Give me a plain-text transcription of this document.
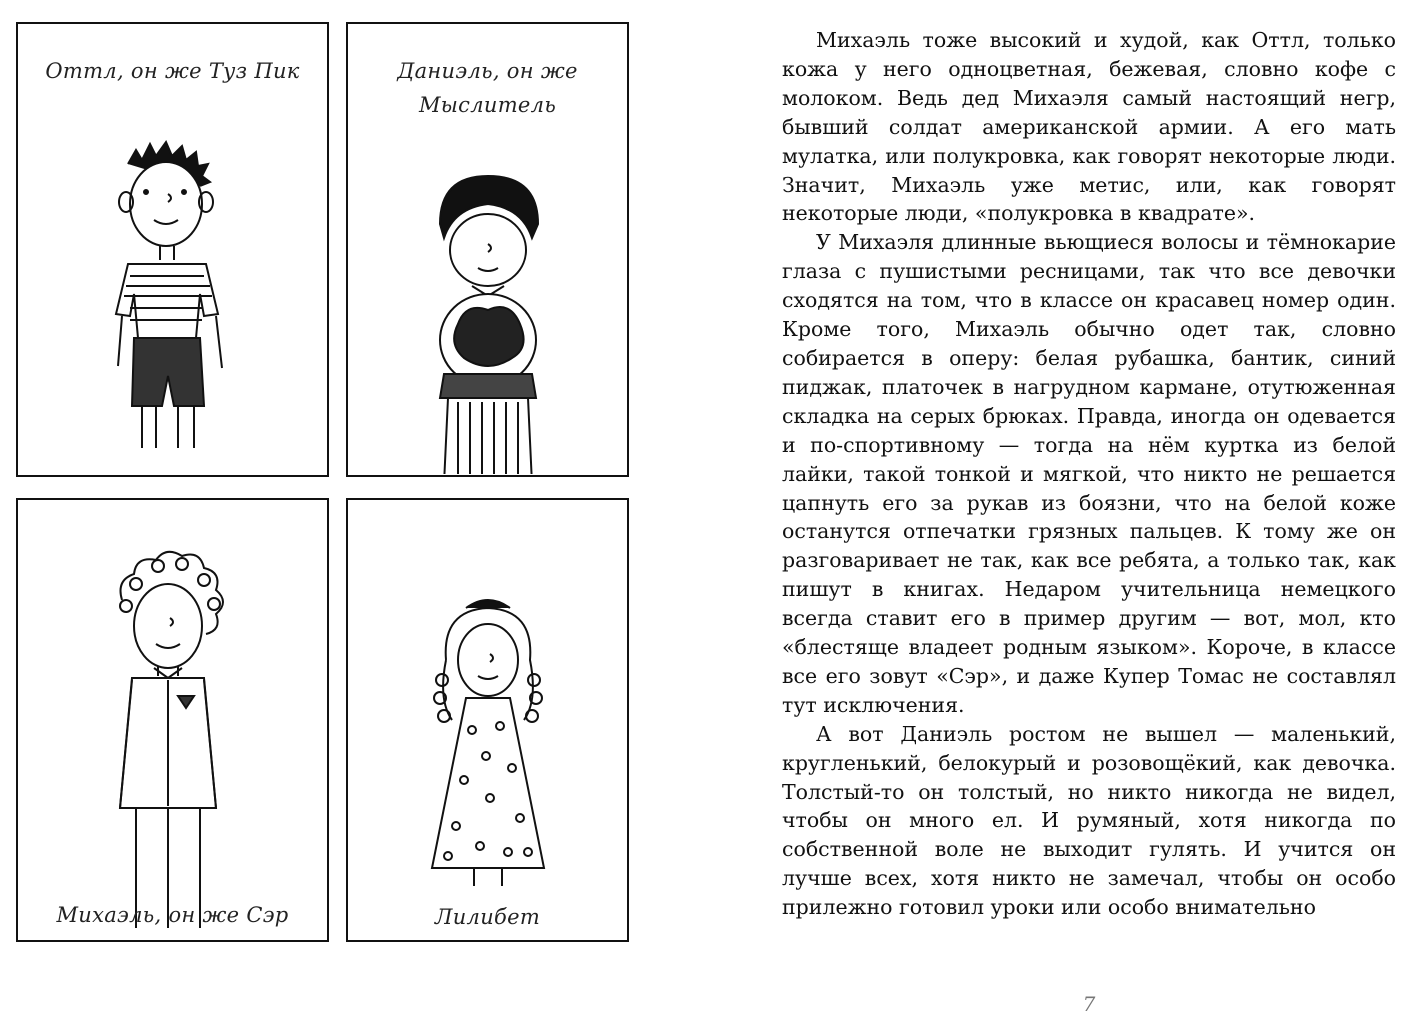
Оттл, он же Туз Пик	Даниэль, он же
Мыслитель
Михаэль, он же Сэр	Лилибет

Михаэль тоже высокий и худой, как Оттл, только кожа у него одноцветная, бежевая, словно кофе с молоком. Ведь дед Михаэля самый настоящий негр, бывший солдат американской армии. А его мать мулатка, или полукровка, как говорят некоторые люди. Значит, Михаэль уже метис, или, как говорят некоторые люди, «полукровка в квадрате».

У Михаэля длинные вьющиеся волосы и тёмнокарие глаза с пушистыми ресницами, так что все девочки сходятся на том, что в классе он красавец номер один. Кроме того, Михаэль обычно одет так, словно собирается в оперу: белая рубашка, бантик, синий пиджак, платочек в нагрудном кармане, отутюженная складка на серых брюках. Правда, иногда он одевается и по-спортивному — тогда на нём куртка из белой лайки, такой тонкой и мягкой, что никто не решается цапнуть его за рукав из боязни, что на белой коже останутся отпечатки грязных пальцев. К тому же он разговаривает не так, как все ребята, а только так, как пишут в книгах. Недаром учительница немецкого всегда ставит его в пример другим — вот, мол, кто «блестяще владеет родным языком». Короче, в классе все его зовут «Сэр», и даже Купер Томас не составлял тут исключения.

А вот Даниэль ростом не вышел — маленький, кругленький, белокурый и розовощёкий, как девочка. Толстый-то он толстый, но никто никогда не видел, чтобы он много ел. И румяный, хотя никогда по собственной воле не выходит гулять. И учится он лучше всех, хотя никто не замечал, чтобы он особо прилежно готовил уроки или особо внимательно

7
